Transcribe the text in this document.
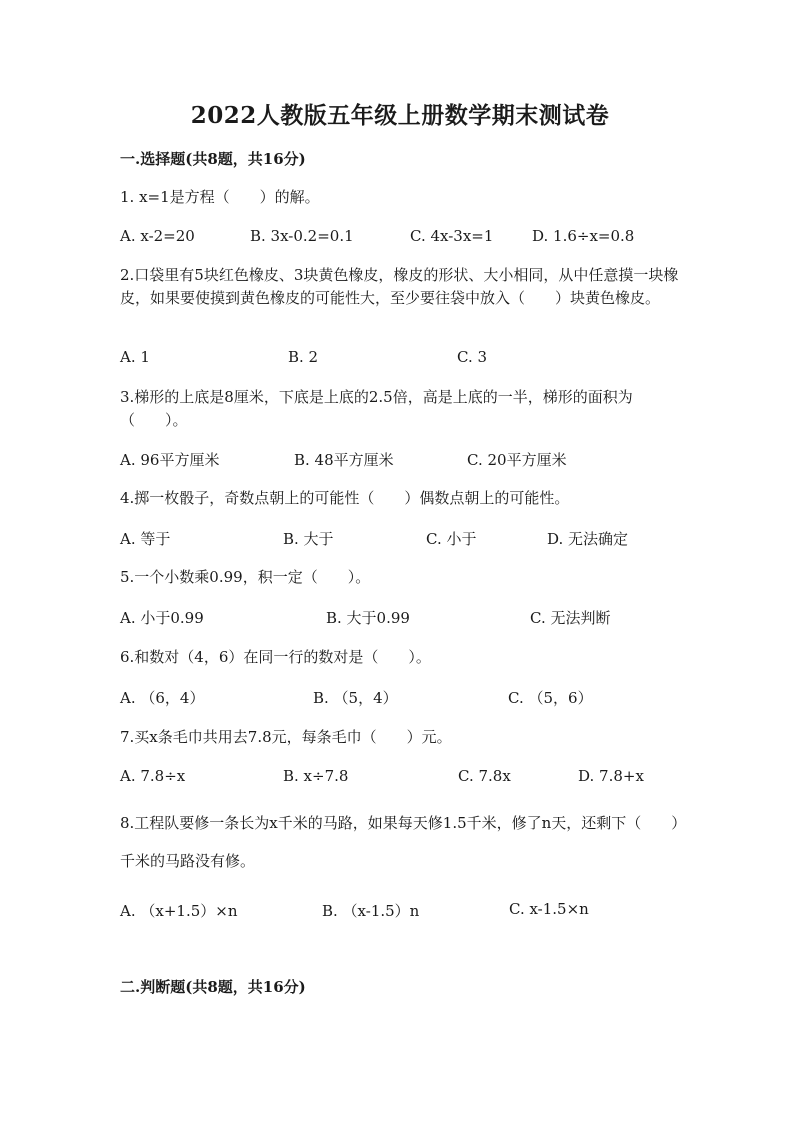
2022人教版五年级上册数学期末测试卷
一.选择题(共8题，共16分)
1. x=1是方程（　　）的解。
A. x-2=20	B. 3x-0.2=0.1	C. 4x-3x=1	D. 1.6÷x=0.8
2.口袋里有5块红色橡皮、3块黄色橡皮，橡皮的形状、大小相同，从中任意摸一块橡皮，如果要使摸到黄色橡皮的可能性大，至少要往袋中放入（　　）块黄色橡皮。
A. 1	B. 2	C. 3
3.梯形的上底是8厘米，下底是上底的2.5倍，高是上底的一半，梯形的面积为（　　）。
A. 96平方厘米	B. 48平方厘米	C. 20平方厘米
4.掷一枚骰子，奇数点朝上的可能性（　　）偶数点朝上的可能性。
A. 等于	B. 大于	C. 小于	D. 无法确定
5.一个小数乘0.99，积一定（　　）。
A. 小于0.99	B. 大于0.99	C. 无法判断
6.和数对（4，6）在同一行的数对是（　　）。
A. （6，4）	B. （5，4）	C. （5，6）
7.买x条毛巾共用去7.8元，每条毛巾（　　）元。
A. 7.8÷x	B. x÷7.8	C. 7.8x	D. 7.8+x
8.工程队要修一条长为x千米的马路，如果每天修1.5千米，修了n天，还剩下（　　）千米的马路没有修。
A. （x+1.5）×n	B. （x-1.5）n	C. x-1.5×n
二.判断题(共8题，共16分)
